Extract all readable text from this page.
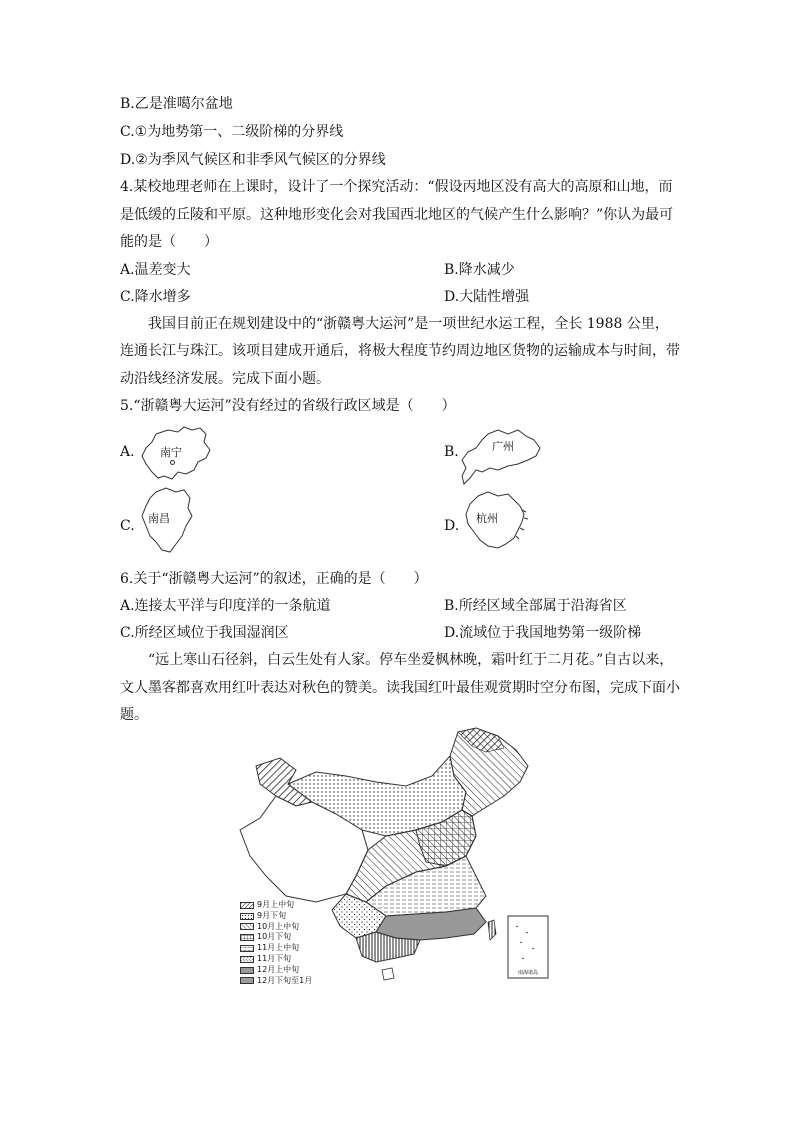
B.乙是准噶尔盆地
C.①为地势第一、二级阶梯的分界线
D.②为季风气候区和非季风气候区的分界线
4.某校地理老师在上课时，设计了一个探究活动：“假设丙地区没有高大的高原和山地，而
是低缓的丘陵和平原。这种地形变化会对我国西北地区的气候产生什么影响？”你认为最可
能的是（　　）
A.温差变大	B.降水减少
C.降水增多	D.大陆性增强
　　我国目前正在规划建设中的“浙赣粤大运河”是一项世纪水运工程，全长 1988 公里，
连通长江与珠江。该项目建成开通后，将极大程度节约周边地区货物的运输成本与时间，带
动沿线经济发展。完成下面小题。
5.“浙赣粤大运河”没有经过的省级行政区域是（　　）
A. 南宁	B.	广州
C. 南昌	D. 杭州
6.关于“浙赣粤大运河”的叙述，正确的是（　　）
A.连接太平洋与印度洋的一条航道	B.所经区域全部属于沿海省区
C.所经区域位于我国湿润区	D.流域位于我国地势第一级阶梯
　　“远上寒山石径斜，白云生处有人家。停车坐爱枫林晚，霜叶红于二月花。”自古以来，
文人墨客都喜欢用红叶表达对秋色的赞美。读我国红叶最佳观赏期时空分布图，完成下面小
题。
南海诸岛
9月上中旬
9月下旬
10月上中旬
10月下旬
11月上中旬
11月下旬
12月上中旬
12月下旬至1月
